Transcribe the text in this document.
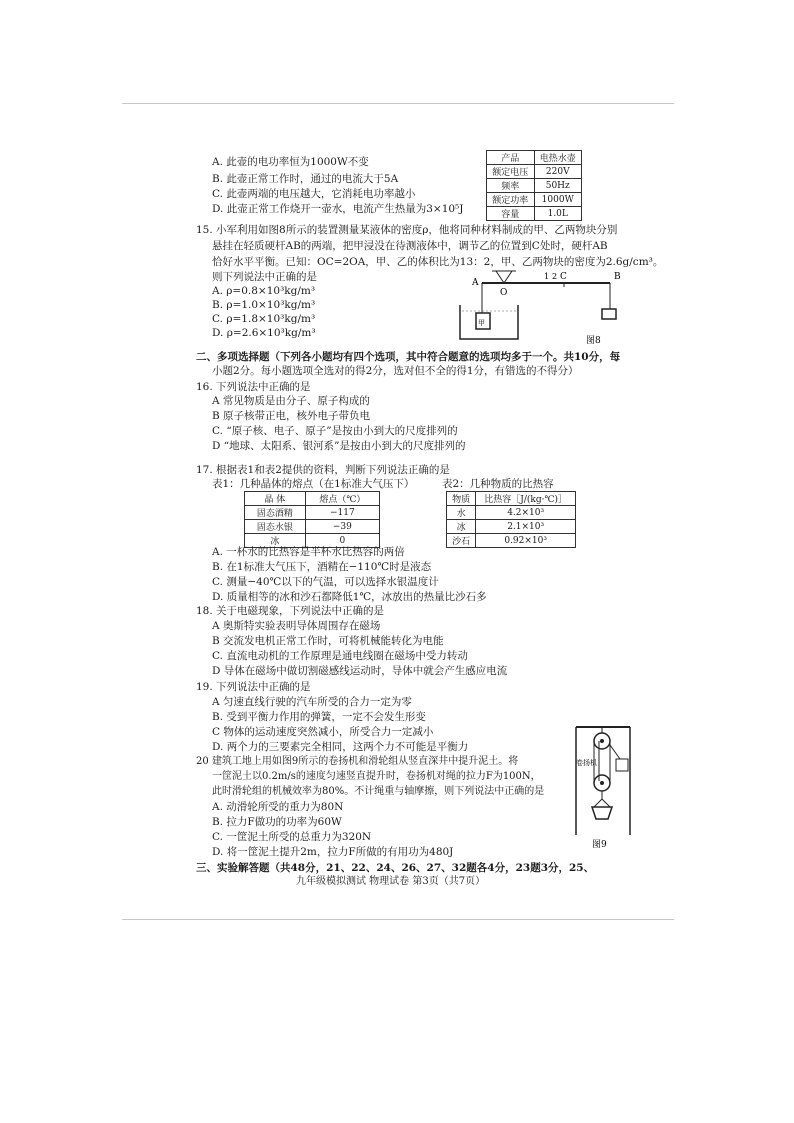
A. 此壶的电功率恒为1000W不变
B. 此壶正常工作时，通过的电流大于5A
C. 此壶两端的电压越大，它消耗电功率越小
D. 此壶正常工作烧开一壶水，电流产生热量为3×10⁵J
产品	电热水壶
额定电压	220V
频率	50Hz
额定功率	1000W
容量	1.0L
15. 小军利用如图8所示的装置测量某液体的密度ρ，他将同种材料制成的甲、乙两物块分别
悬挂在轻质硬杆AB的两端，把甲浸没在待测液体中，调节乙的位置到C处时，硬杆AB
恰好水平平衡。已知：OC=2OA，甲、乙的体积比为13：2，甲、乙两物块的密度为2.6g/cm³。
则下列说法中正确的是
A. ρ=0.8×10³kg/m³
B. ρ=1.0×10³kg/m³
C. ρ=1.8×10³kg/m³
D. ρ=2.6×10³kg/m³
A
O
1 2 C	B
甲
图8
二、多项选择题（下列各小题均有四个选项，其中符合题意的选项均多于一个。共10分，每
小题2分。每小题选项全选对的得2分，选对但不全的得1分，有错选的不得分）
16. 下列说法中正确的是
A 常见物质是由分子、原子构成的
B 原子核带正电，核外电子带负电
C. “原子核、电子、原子”是按由小到大的尺度排列的
D “地球、太阳系、银河系”是按由小到大的尺度排列的
17. 根据表1和表2提供的资料，判断下列说法正确的是
表1：几种晶体的熔点（在1标准大气压下）	表2：几种物质的比热容
晶 体	熔点（℃）
固态酒精	−117
固态水银	−39
冰	0
物质	比热容［J/(kg·℃)］
水	4.2×10³
冰	2.1×10³
沙石	0.92×10³
A. 一杯水的比热容是半杯水比热容的两倍
B. 在1标准大气压下，酒精在−110℃时是液态
C. 测量−40℃以下的气温，可以选择水银温度计
D. 质量相等的冰和沙石都降低1℃，冰放出的热量比沙石多
18. 关于电磁现象，下列说法中正确的是
A 奥斯特实验表明导体周围存在磁场
B 交流发电机正常工作时，可将机械能转化为电能
C. 直流电动机的工作原理是通电线圈在磁场中受力转动
D 导体在磁场中做切割磁感线运动时，导体中就会产生感应电流
19. 下列说法中正确的是
A 匀速直线行驶的汽车所受的合力一定为零
B. 受到平衡力作用的弹簧，一定不会发生形变
C 物体的运动速度突然减小，所受合力一定减小
D. 两个力的三要素完全相同，这两个力不可能是平衡力
20 建筑工地上用如图9所示的卷扬机和滑轮组从竖直深井中提升泥土。将
一筐泥土以0.2m/s的速度匀速竖直提升时，卷扬机对绳的拉力F为100N，
此时滑轮组的机械效率为80%。不计绳重与轴摩擦，则下列说法中正确的是
A. 动滑轮所受的重力为80N
B. 拉力F做功的功率为60W
C. 一筐泥土所受的总重力为320N
D. 将一筐泥土提升2m，拉力F所做的有用功为480J
卷扬机
图9
三、实验解答题（共48分，21、22、24、26、27、32题各4分，23题3分，25、
九年级模拟测试 物理试卷 第3页（共7页）
